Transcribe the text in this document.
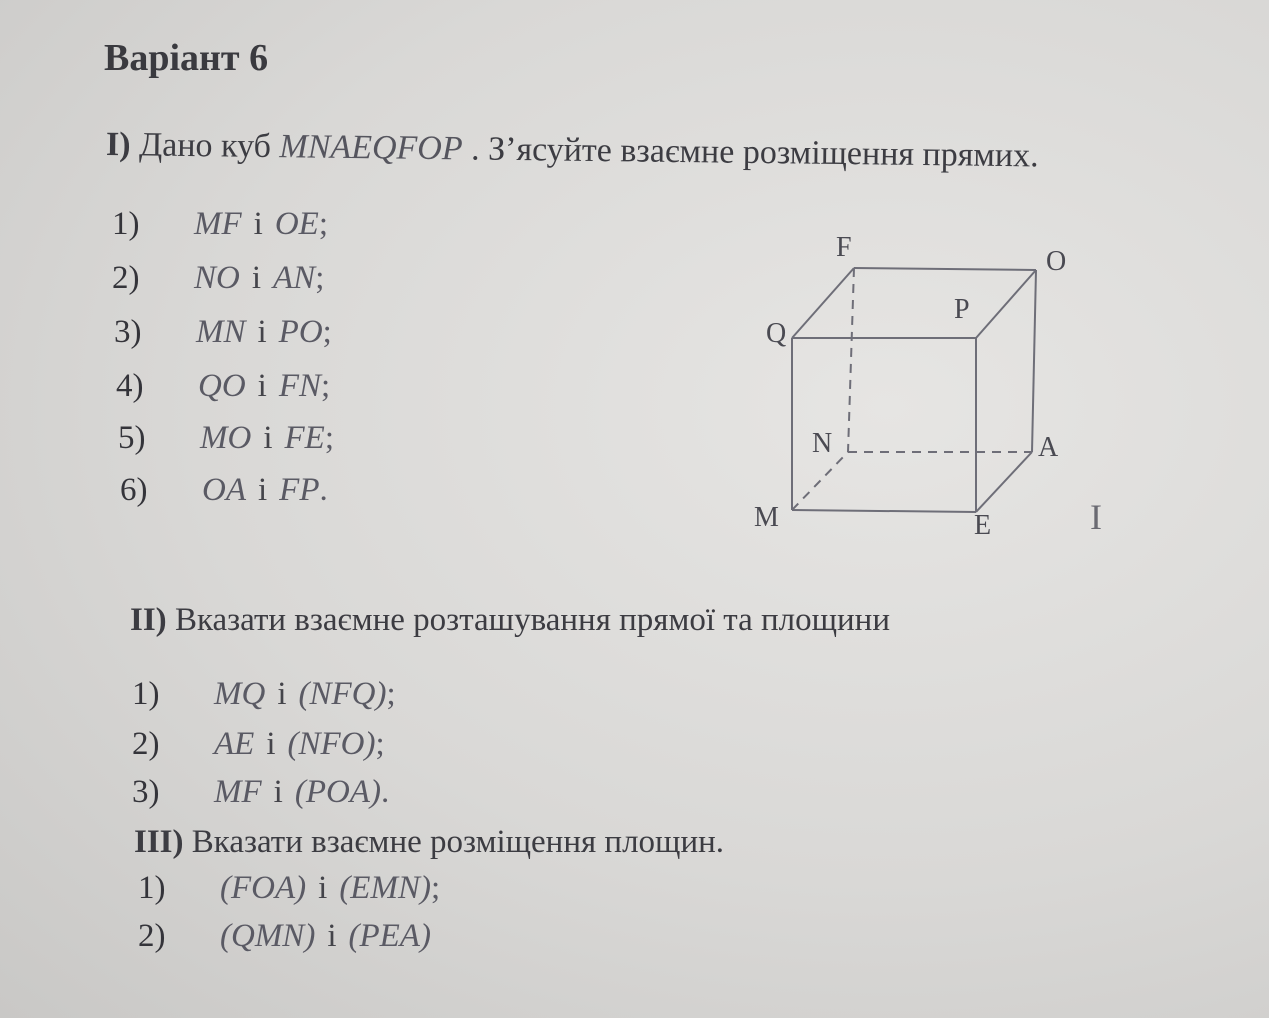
Варіант 6
I) Дано куб MNAEQFOP . З’ясуйте взаємне розміщення прямих.
1) MF і OE;
2) NO і AN;
3) MN і PO;
4) QO і FN;
5) MO і FE;
6) OA і FP.
F	O
P
Q
N	A
M	E	I
II) Вказати взаємне розташування прямої та площини
1) MQ і (NFQ);
2) AE і (NFO);
3) MF і (POA).
III) Вказати взаємне розміщення площин.
1) (FOA) і (EMN);
2) (QMN) і (PEA)
